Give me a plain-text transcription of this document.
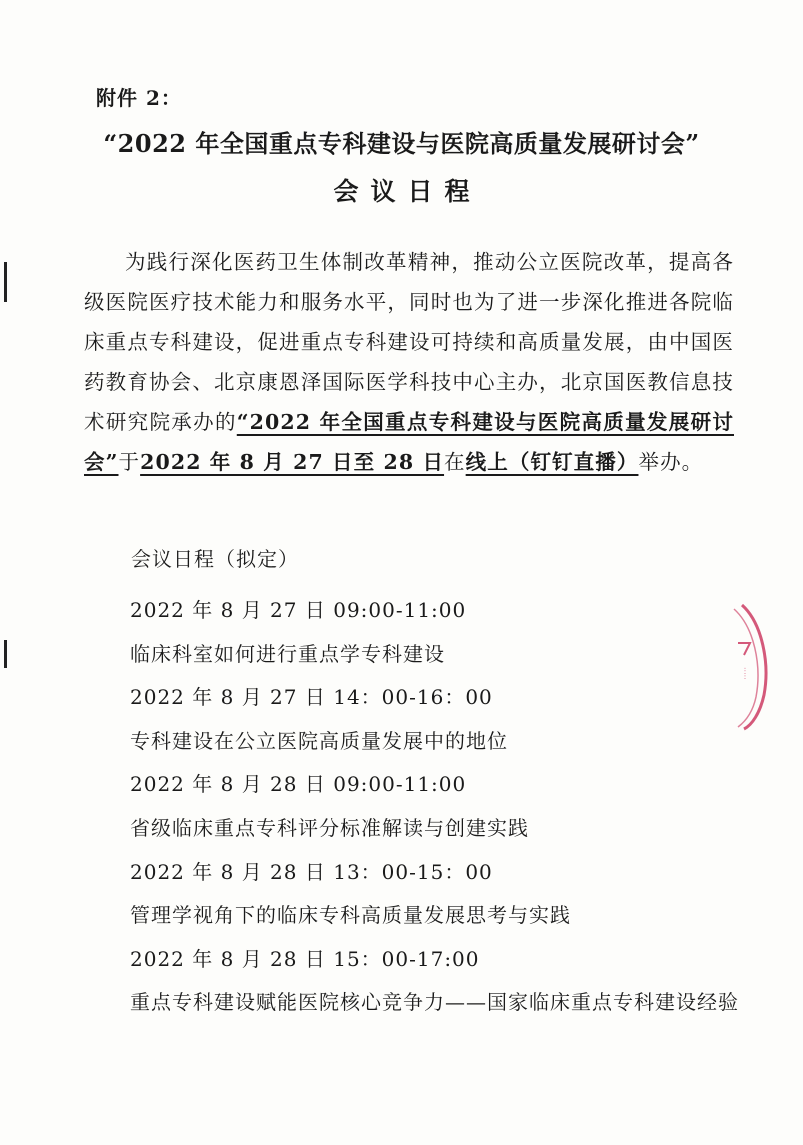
附件 2：
“2022 年全国重点专科建设与医院高质量发展研讨会”
会议日程

为践行深化医药卫生体制改革精神，推动公立医院改革，提高各级医院医疗技术能力和服务水平，同时也为了进一步深化推进各院临床重点专科建设，促进重点专科建设可持续和高质量发展，由中国医药教育协会、北京康恩泽国际医学科技中心主办，北京国医教信息技术研究院承办的“2022 年全国重点专科建设与医院高质量发展研讨会”于2022 年 8 月 27 日至 28 日在线上（钉钉直播）举办。

会议日程（拟定）
2022 年 8 月 27 日 09:00-11:00
临床科室如何进行重点学专科建设
2022 年 8 月 27 日 14：00-16：00
专科建设在公立医院高质量发展中的地位
2022 年 8 月 28 日 09:00-11:00
省级临床重点专科评分标准解读与创建实践
2022 年 8 月 28 日 13：00-15：00
管理学视角下的临床专科高质量发展思考与实践
2022 年 8 月 28 日 15：00-17:00
重点专科建设赋能医院核心竞争力——国家临床重点专科建设经验
·····
